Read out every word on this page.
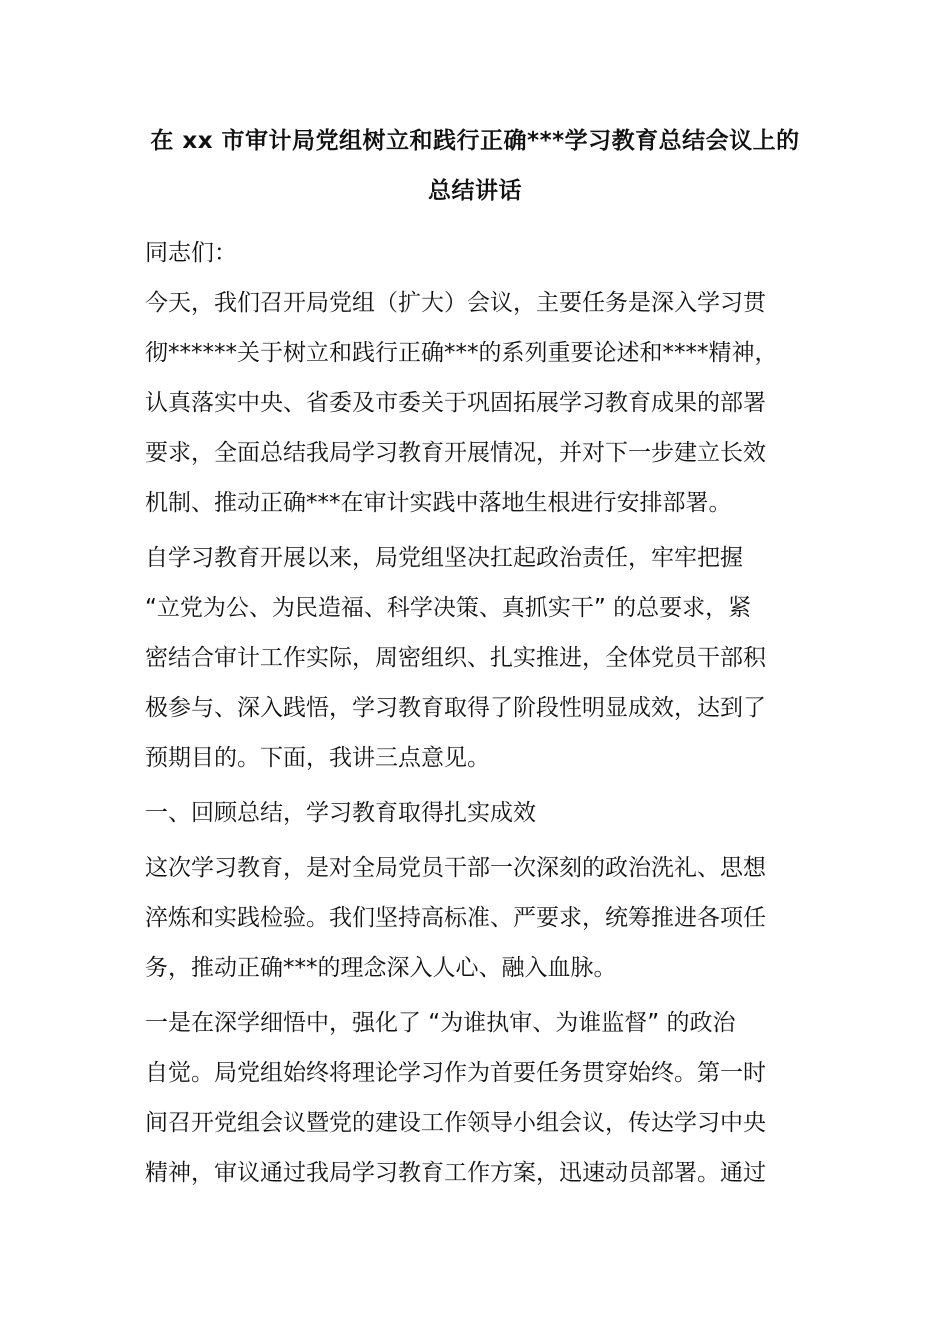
在 xx 市审计局党组树立和践行正确***学习教育总结会议上的
总结讲话
同志们：
今天，我们召开局党组（扩大）会议，主要任务是深入学习贯
彻******关于树立和践行正确***的系列重要论述和****精神，
认真落实中央、省委及市委关于巩固拓展学习教育成果的部署
要求，全面总结我局学习教育开展情况，并对下一步建立长效
机制、推动正确***在审计实践中落地生根进行安排部署。
自学习教育开展以来，局党组坚决扛起政治责任，牢牢把握
“立党为公、为民造福、科学决策、真抓实干” 的总要求，紧
密结合审计工作实际，周密组织、扎实推进，全体党员干部积
极参与、深入践悟，学习教育取得了阶段性明显成效，达到了
预期目的。下面，我讲三点意见。
一、回顾总结，学习教育取得扎实成效
这次学习教育，是对全局党员干部一次深刻的政治洗礼、思想
淬炼和实践检验。我们坚持高标准、严要求，统筹推进各项任
务，推动正确***的理念深入人心、融入血脉。
一是在深学细悟中，强化了 “为谁执审、为谁监督” 的政治
自觉。局党组始终将理论学习作为首要任务贯穿始终。第一时
间召开党组会议暨党的建设工作领导小组会议，传达学习中央
精神，审议通过我局学习教育工作方案，迅速动员部署。通过
